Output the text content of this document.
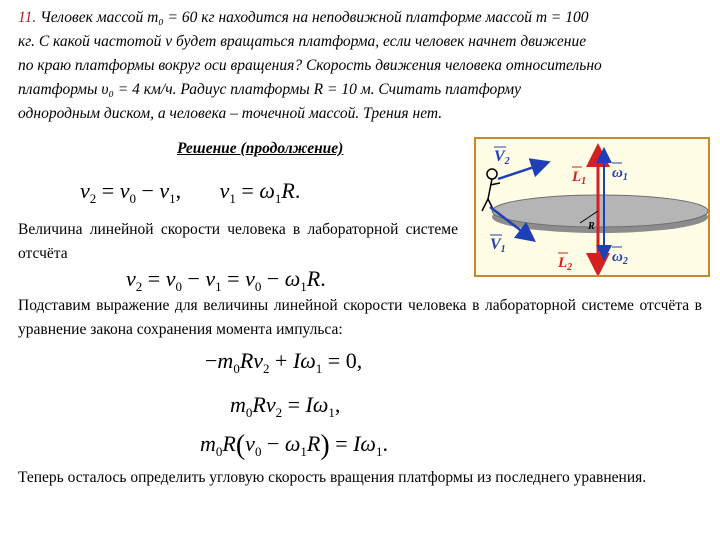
11. Человек массой m₀ = 60 кг находится на неподвижной платформе массой m = 100
кг. С какой частотой ν будет вращаться платформа, если человек начнет движение
по краю платформы вокруг оси вращения? Скорость движения человека относительно
платформы υ₀ = 4 км/ч. Радиус платформы R = 10 м. Считать платформу
однородным диском, а человека – точечной массой. Трения нет.
Решение (продолжение)
$v_2 = v_0 - v_1$,       $v_1 = \omega_1R$.
Величина линейной скорости человека в лабораторной системе отсчёта
$v_2 = v_0 - v_1 = v_0 - \omega_1R$.
Подставим выражение для величины линейной скорости человека в лабораторной системе отсчёта в уравнение закона сохранения момента импульса:
$-m_0Rv_2 + I\omega_1 = 0$,
$m_0Rv_2 = I\omega_1$,
$m_0R(v_0 - \omega_1R) = I\omega_1$.
Теперь осталось определить угловую скорость вращения платформы из последнего уравнения.
R
V2
V1
$L_1$
$L_2$
$\omega_1$
$\omega_2$
